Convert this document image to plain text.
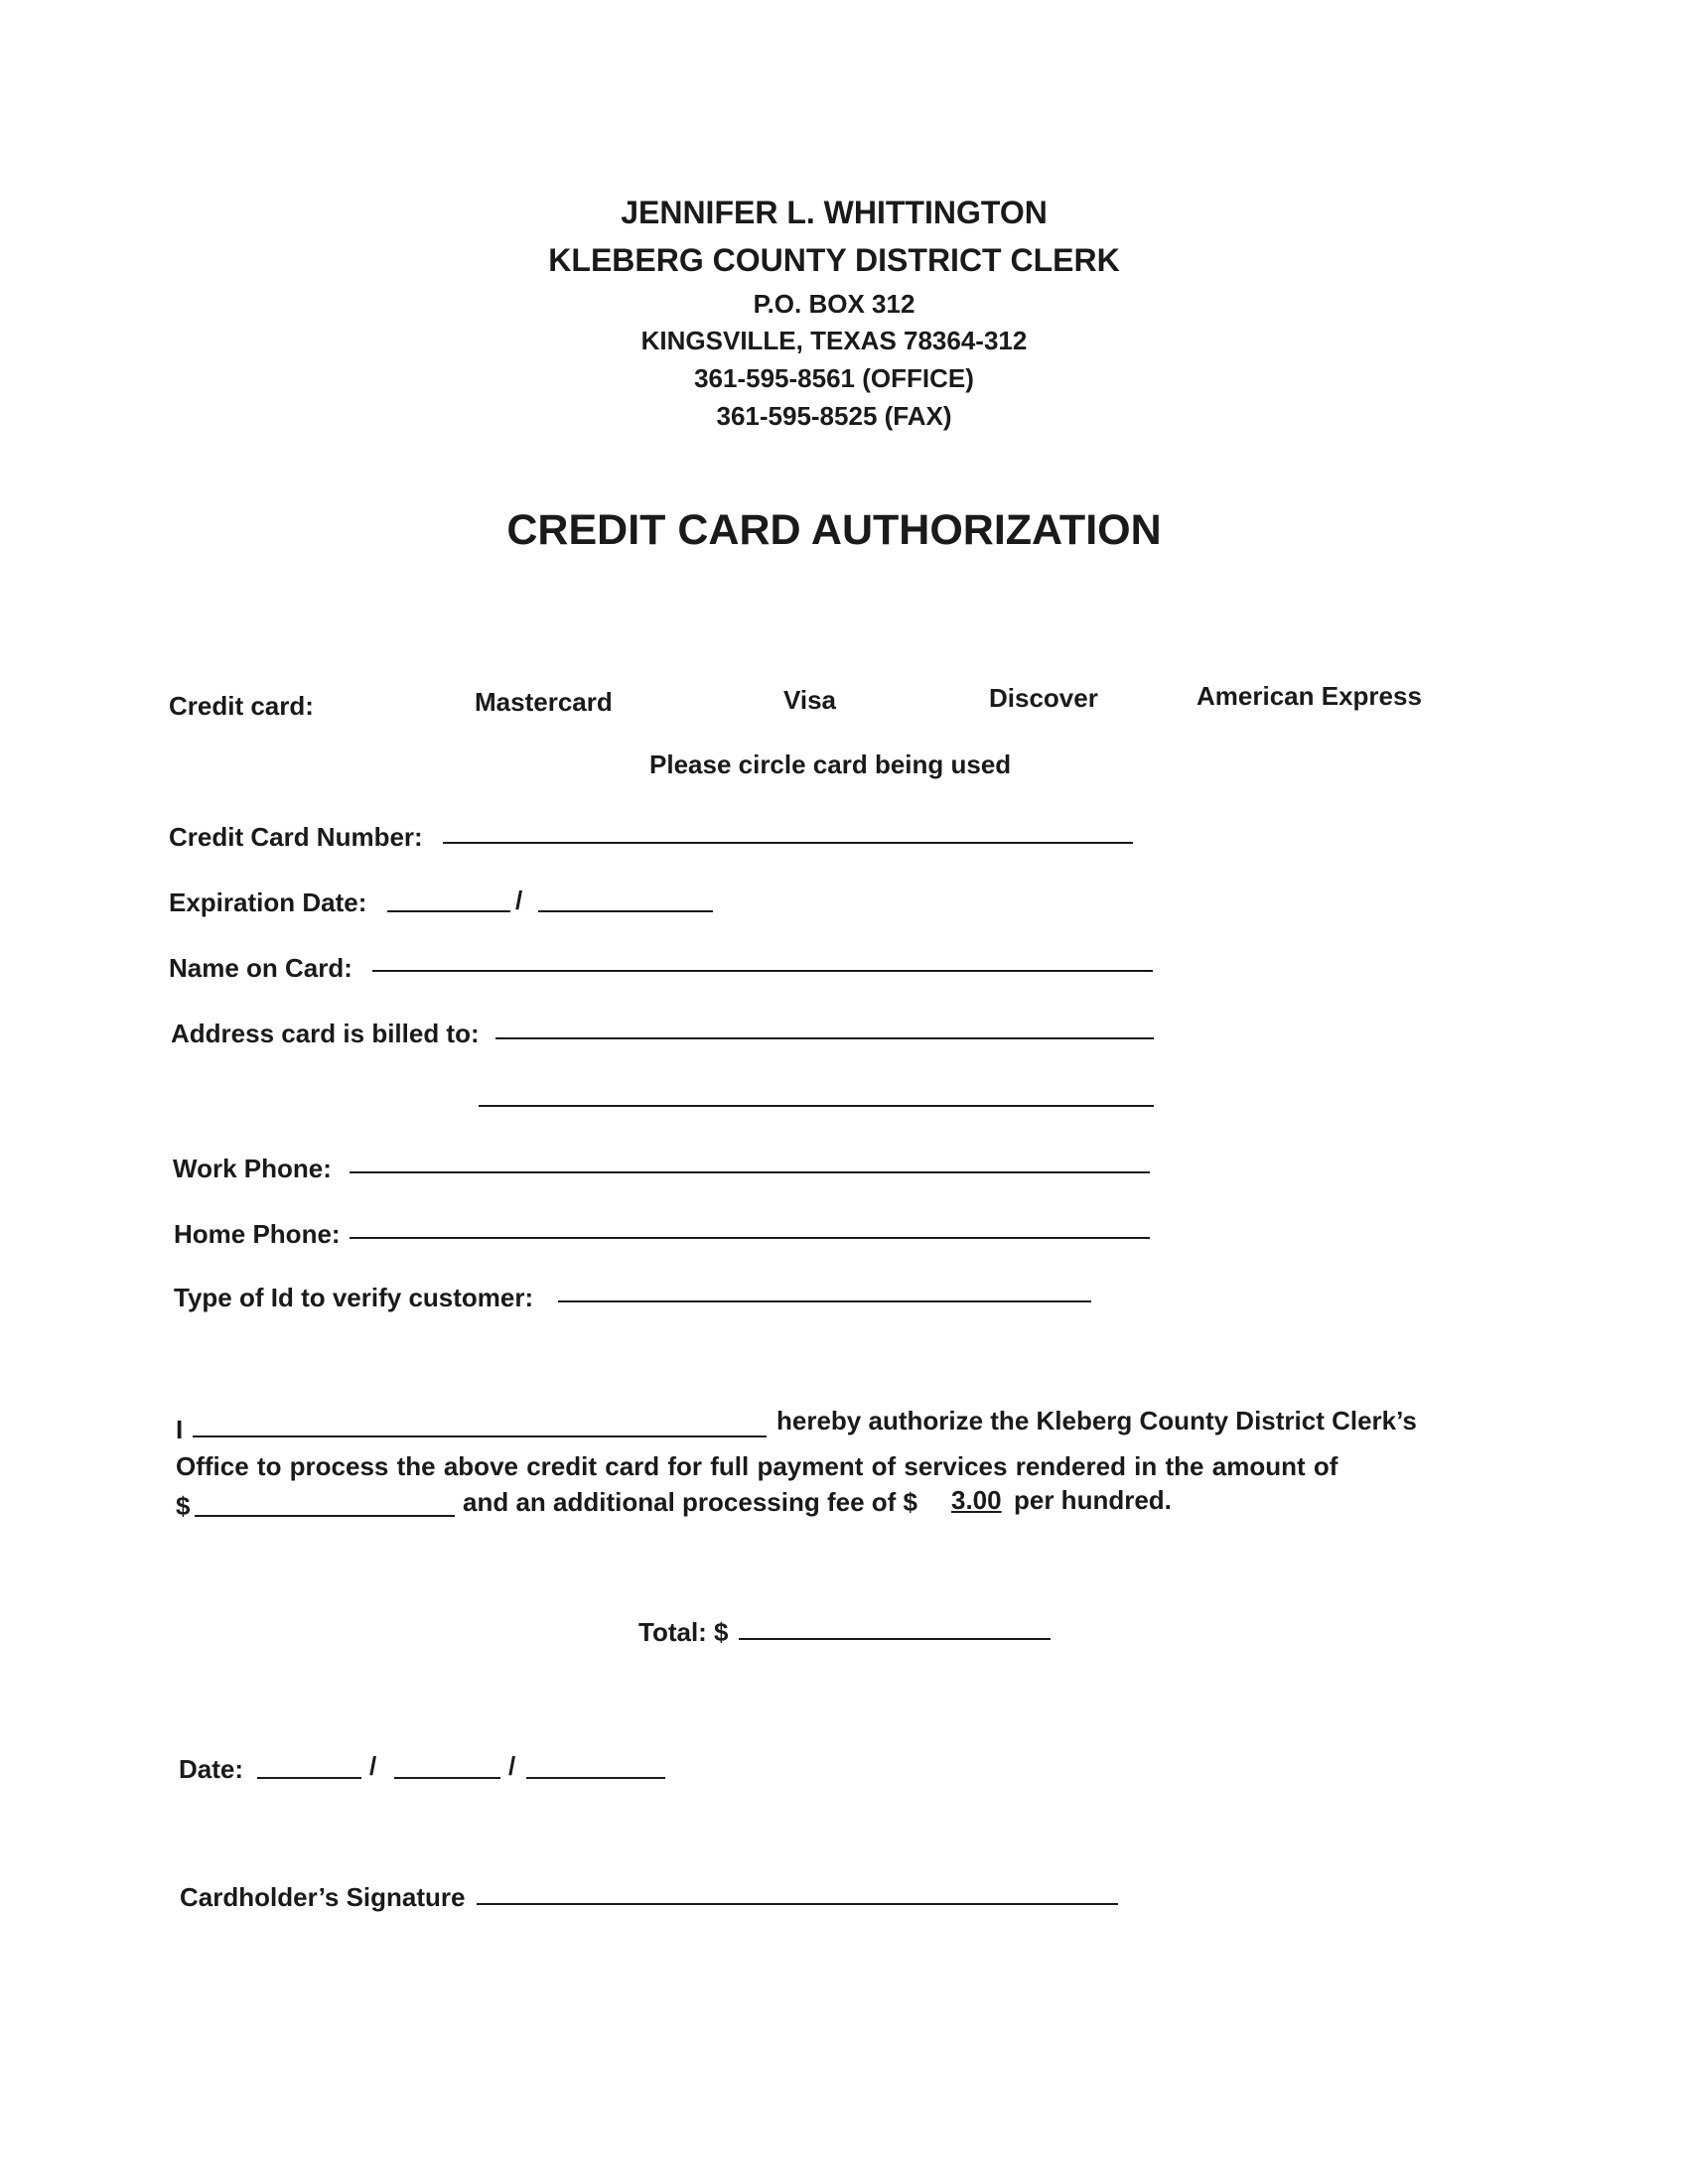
JENNIFER L. WHITTINGTON
KLEBERG COUNTY DISTRICT CLERK
P.O. BOX 312
KINGSVILLE, TEXAS 78364-312
361-595-8561 (OFFICE)
361-595-8525 (FAX)
CREDIT CARD AUTHORIZATION
Credit card:	Mastercard	Visa	Discover	American Express
Please circle card being used
Credit Card Number:
Expiration Date:	/
Name on Card:
Address card is billed to:
Work Phone:
Home Phone:
Type of Id to verify customer:
I	hereby authorize the Kleberg County District Clerk’s
Office to process the above credit card for full payment of services rendered in the amount of
$	and an additional processing fee of $ 3.00 per hundred.
Total: $
Date:	/	/
Cardholder’s Signature
